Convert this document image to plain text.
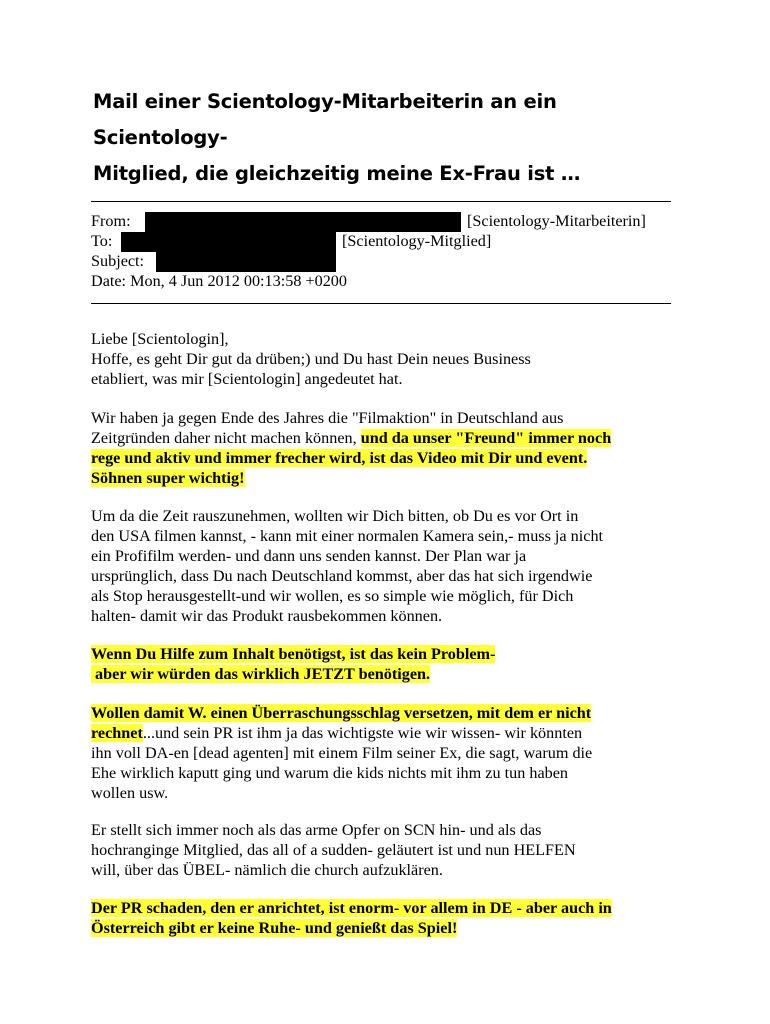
Mail einer Scientology-Mitarbeiterin an ein Scientology-
Mitglied, die gleichzeitig meine Ex-Frau ist …
From:	[Scientology-Mitarbeiterin]
To:	[Scientology-Mitglied]
Subject:
Date: Mon, 4 Jun 2012 00:13:58 +0200
Liebe [Scientologin],
Hoffe, es geht Dir gut da drüben;) und Du hast Dein neues Business
etabliert, was mir [Scientologin] angedeutet hat.
Wir haben ja gegen Ende des Jahres die "Filmaktion" in Deutschland aus
Zeitgründen daher nicht machen können, und da unser "Freund" immer noch
rege und aktiv und immer frecher wird, ist das Video mit Dir und event.
Söhnen super wichtig!
Um da die Zeit rauszunehmen, wollten wir Dich bitten, ob Du es vor Ort in
den USA filmen kannst, - kann mit einer normalen Kamera sein,- muss ja nicht
ein Profifilm werden- und dann uns senden kannst. Der Plan war ja
ursprünglich, dass Du nach Deutschland kommst, aber das hat sich irgendwie
als Stop herausgestellt-und wir wollen, es so simple wie möglich, für Dich
halten- damit wir das Produkt rausbekommen können.
Wenn Du Hilfe zum Inhalt benötigst, ist das kein Problem-
aber wir würden das wirklich JETZT benötigen.
Wollen damit W. einen Überraschungsschlag versetzen, mit dem er nicht
rechnet...und sein PR ist ihm ja das wichtigste wie wir wissen- wir könnten
ihn voll DA-en [dead agenten] mit einem Film seiner Ex, die sagt, warum die
Ehe wirklich kaputt ging und warum die kids nichts mit ihm zu tun haben
wollen usw.
Er stellt sich immer noch als das arme Opfer on SCN hin- und als das
hochranginge Mitglied, das all of a sudden- geläutert ist und nun HELFEN
will, über das ÜBEL- nämlich die church aufzuklären.
Der PR schaden, den er anrichtet, ist enorm- vor allem in DE - aber auch in
Österreich gibt er keine Ruhe- und genießt das Spiel!
